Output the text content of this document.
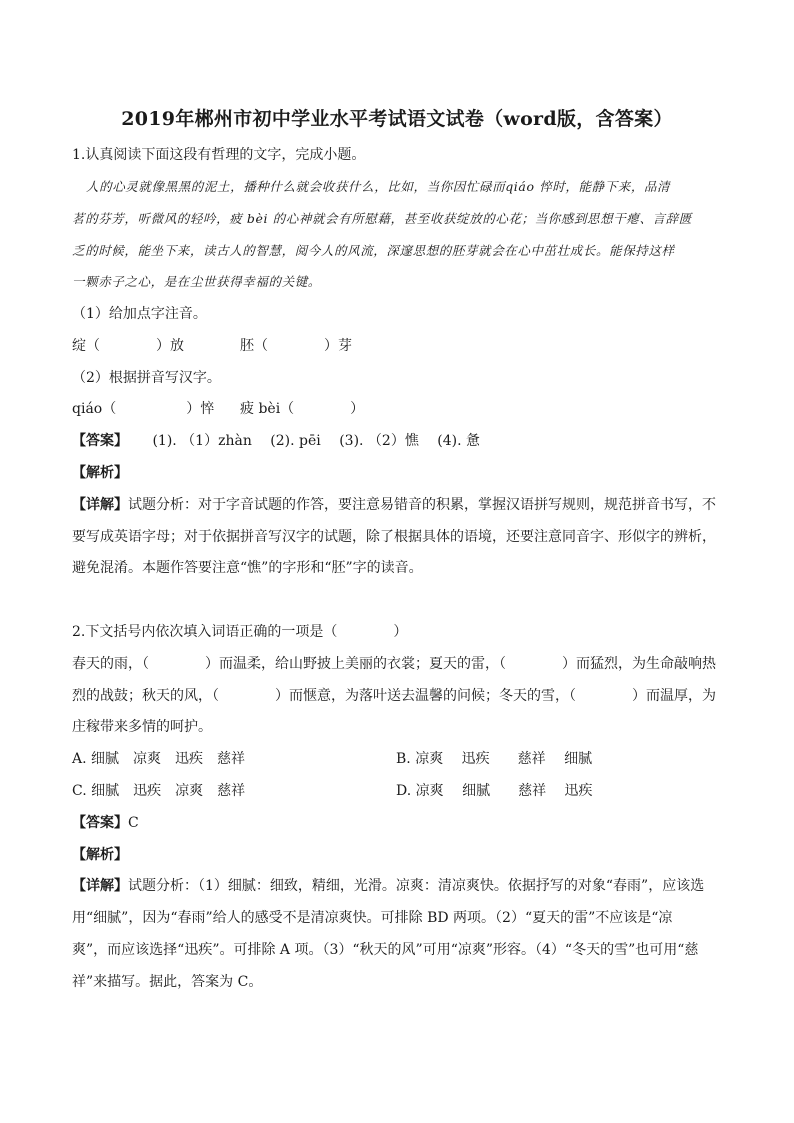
2019年郴州市初中学业水平考试语文试卷（word版，含答案）
1.认真阅读下面这段有哲理的文字，完成小题。
人的心灵就像黑黑的泥土，播种什么就会收获什么，比如，当你因忙碌而qiáo 悴时，能静下来，品清
茗的芬芳，听微风的轻吟，疲 bèi 的心神就会有所慰藉，甚至收获绽放的心花；当你感到思想干瘪、言辞匮
乏的时候，能坐下来，读古人的智慧，阅今人的风流，深邃思想的胚芽就会在心中茁壮成长。能保持这样
一颗赤子之心，是在尘世获得幸福的关键。
（1）给加点字注音。
绽（　　　　）放	胚（　　　　）芽
（2）根据拼音写汉字。
qiáo（　　　　　）悴 疲 bèi（　　　　）
【答案】 (1). （1）zhàn　 (2). pēi　 (3). （2）憔　 (4). 惫
【解析】
【详解】试题分析：对于字音试题的作答，要注意易错音的积累，掌握汉语拼写规则，规范拼音书写，不
要写成英语字母；对于依据拼音写汉字的试题，除了根据具体的语境，还要注意同音字、形似字的辨析，
避免混淆。本题作答要注意“憔”的字形和“胚”字的读音。
2.下文括号内依次填入词语正确的一项是（　　　　）
春天的雨，（　　　　）而温柔，给山野披上美丽的衣裳；夏天的雷，（　　　　）而猛烈，为生命敲响热
烈的战鼓；秋天的风，（　　　　）而惬意，为落叶送去温馨的问候；冬天的雪，（　　　　）而温厚，为
庄稼带来多情的呵护。
A. 细腻　凉爽　迅疾　慈祥	B. 凉爽　 迅疾　　慈祥　 细腻
C. 细腻　迅疾　凉爽　慈祥	D. 凉爽　 细腻　　慈祥　 迅疾
【答案】C
【解析】
【详解】试题分析：（1）细腻：细致，精细，光滑。凉爽：清凉爽快。依据抒写的对象“春雨”，应该选
用“细腻”，因为“春雨”给人的感受不是清凉爽快。可排除 BD 两项。（2）“夏天的雷”不应该是“凉
爽”，而应该选择“迅疾”。可排除 A 项。（3）“秋天的风”可用“凉爽”形容。（4）“冬天的雪”也可用“慈
祥”来描写。据此，答案为 C。
